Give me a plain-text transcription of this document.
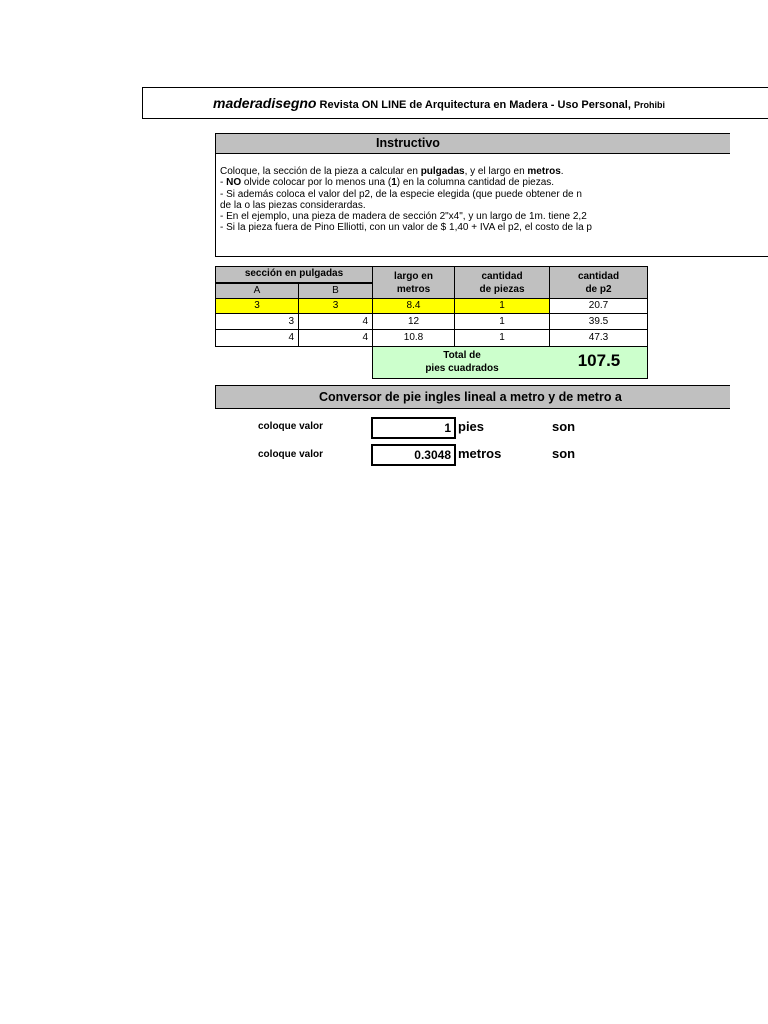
maderadisegno Revista ON LINE de Arquitectura en Madera - Uso Personal, Prohibi
Instructivo
Coloque, la sección de la pieza a calcular en pulgadas, y el largo en metros.
- NO olvide colocar por lo menos una (1) en la columna cantidad de piezas.
- Si además coloca el valor del p2, de la especie elegida (que puede obtener de n
de la o las piezas considerardas.
- En el ejemplo, una pieza de madera de sección 2"x4", y un largo de 1m. tiene 2,2
- Si la pieza fuera de Pino Elliotti, con un valor de $ 1,40 + IVA el p2, el costo de la p
sección en pulgadas
A	B
largo en
metros
cantidad
de piezas
cantidad
de p2
3	3	8.4	1	20.7
3	4	12	1	39.5
4	4	10.8	1	47.3
Total de
pies cuadrados	107.5
Conversor de pie ingles lineal a metro y de metro a
coloque valor	1 pies	son
coloque valor	0.3048 metros	son
